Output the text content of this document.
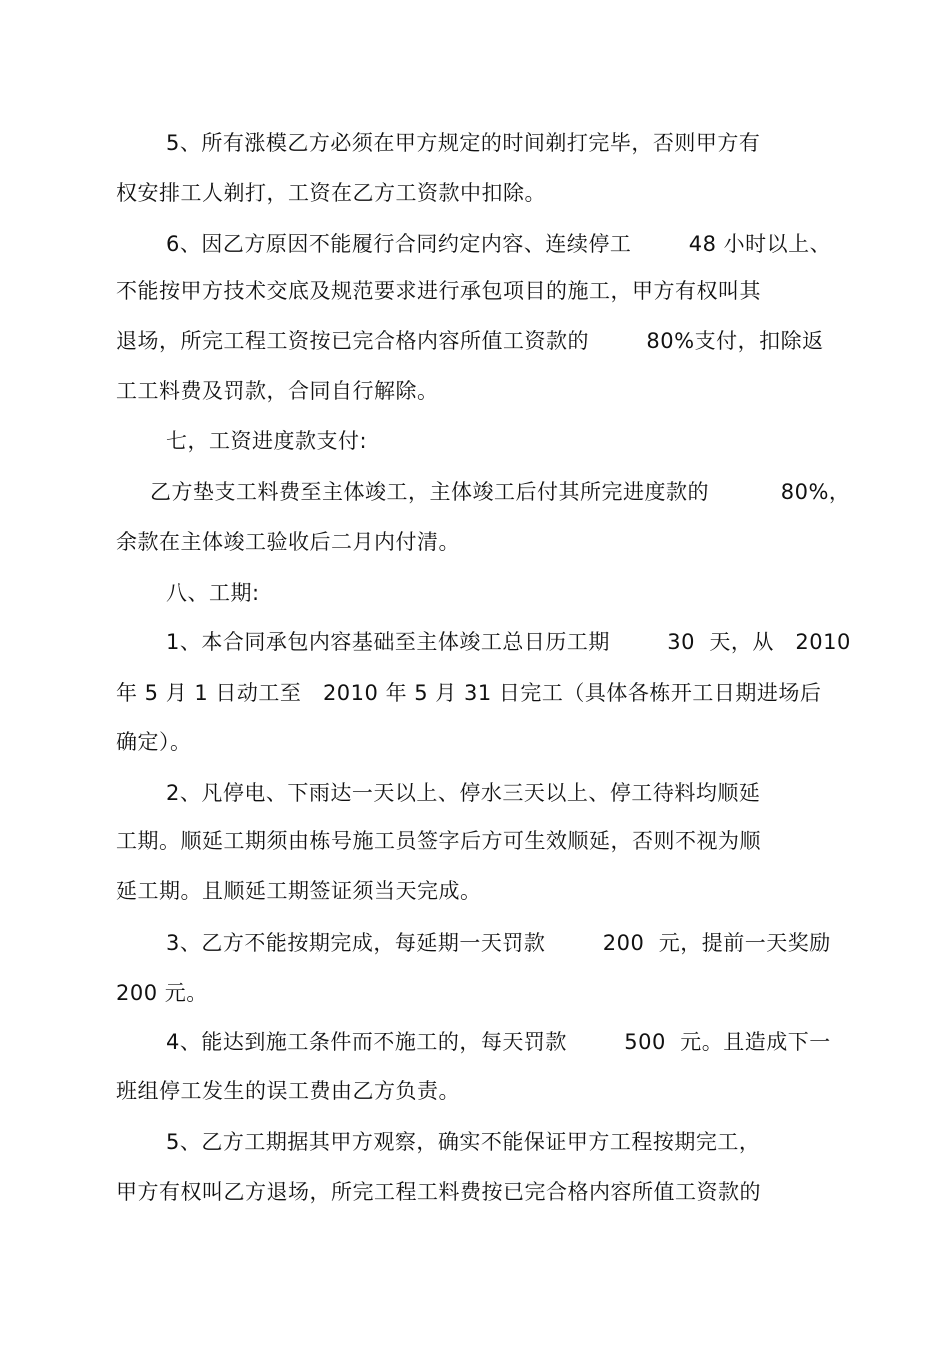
5、所有涨模乙方必须在甲方规定的时间剃打完毕，否则甲方有
权安排工人剃打，工资在乙方工资款中扣除。
6、因乙方原因不能履行合同约定内容、连续停工        48 小时以上、
不能按甲方技术交底及规范要求进行承包项目的施工，甲方有权叫其
退场，所完工程工资按已完合格内容所值工资款的        80%支付，扣除返
工工料费及罚款，合同自行解除。
七，工资进度款支付:
乙方垫支工料费至主体竣工，主体竣工后付其所完进度款的          80%，
余款在主体竣工验收后二月内付清。
八、工期:
1、本合同承包内容基础至主体竣工总日历工期        30  天，从   2010
年 5 月 1 日动工至   2010 年 5 月 31 日完工（具体各栋开工日期进场后
确定）。
2、凡停电、下雨达一天以上、停水三天以上、停工待料均顺延
工期。顺延工期须由栋号施工员签字后方可生效顺延，否则不视为顺
延工期。且顺延工期签证须当天完成。
3、乙方不能按期完成，每延期一天罚款        200  元，提前一天奖励
200 元。
4、能达到施工条件而不施工的，每天罚款        500  元。且造成下一
班组停工发生的误工费由乙方负责。
5、乙方工期据其甲方观察，确实不能保证甲方工程按期完工，
甲方有权叫乙方退场，所完工程工料费按已完合格内容所值工资款的
